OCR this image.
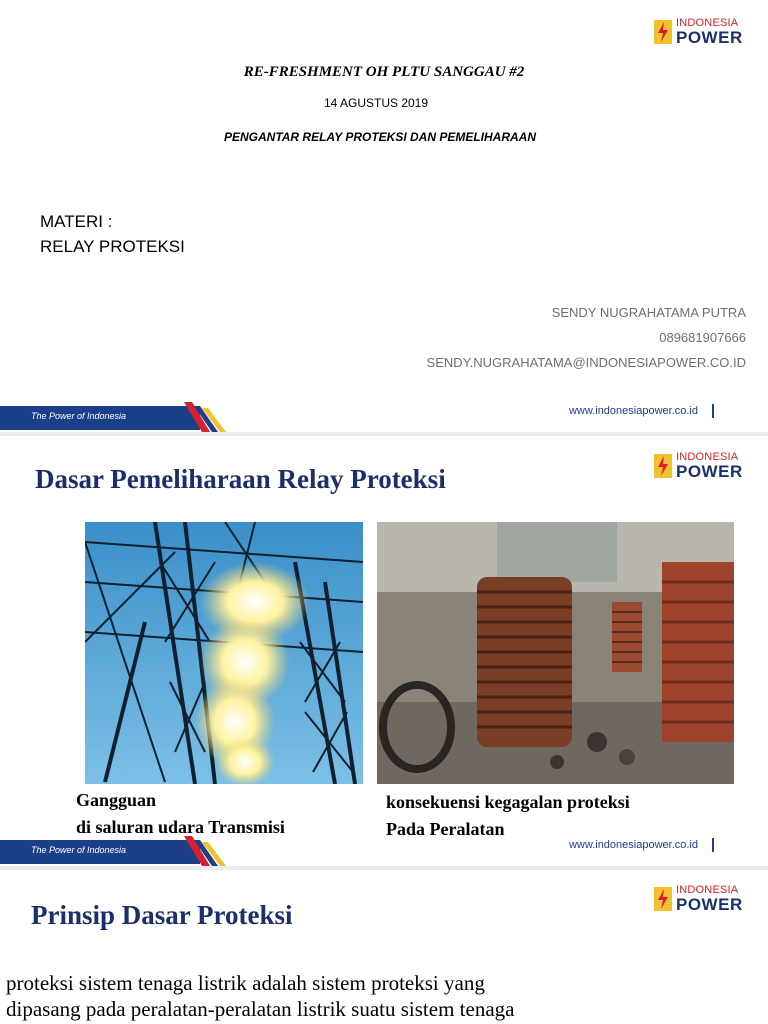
INDONESIA
POWER
RE-FRESHMENT OH PLTU SANGGAU #2
14 AGUSTUS 2019
PENGANTAR RELAY PROTEKSI DAN PEMELIHARAAN
MATERI :
RELAY PROTEKSI
SENDY NUGRAHATAMA PUTRA
089681907666
SENDY.NUGRAHATAMA@INDONESIAPOWER.CO.ID
The Power of Indonesia	www.indonesiapower.co.id
INDONESIA
POWER
Dasar Pemeliharaan Relay Proteksi
Gangguan
di saluran udara Transmisi
konsekuensi kegagalan proteksi
Pada Peralatan
The Power of Indonesia	www.indonesiapower.co.id
INDONESIA
POWER
Prinsip Dasar Proteksi
proteksi sistem tenaga listrik adalah sistem proteksi yang
dipasang pada peralatan-peralatan listrik suatu sistem tenaga
